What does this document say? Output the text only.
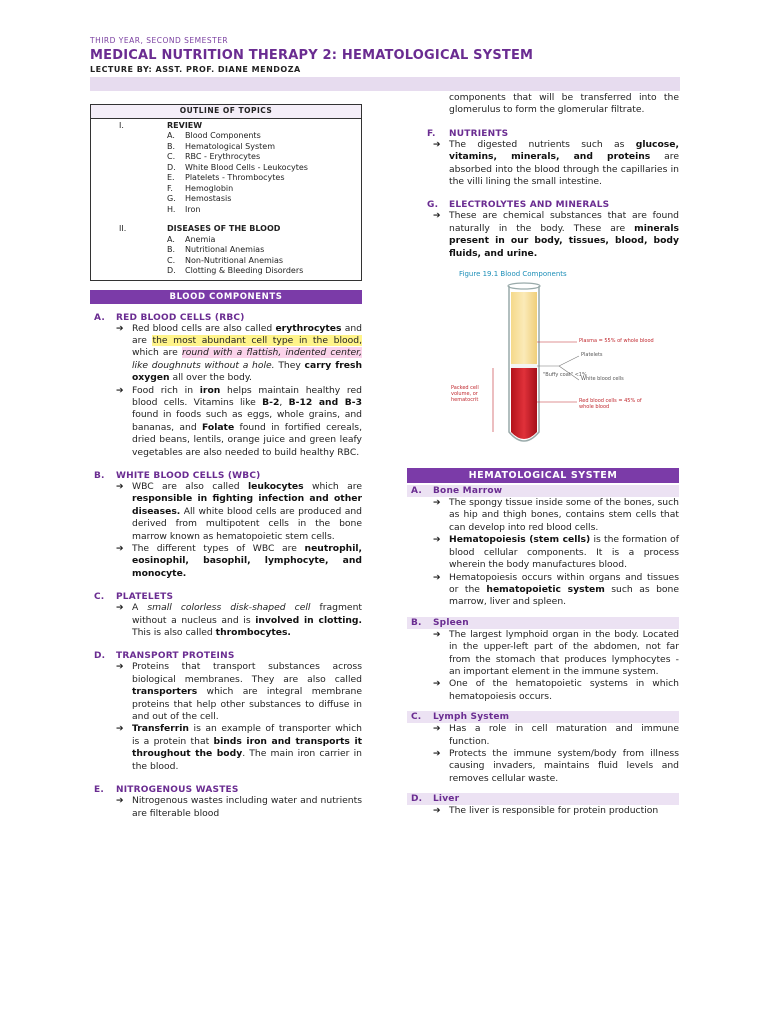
THIRD YEAR, SECOND SEMESTER
MEDICAL NUTRITION THERAPY 2: HEMATOLOGICAL SYSTEM
LECTURE BY: ASST. PROF. DIANE MENDOZA
OUTLINE OF TOPICS
I.	REVIEW
A.	Blood Components
B.	Hematological System
C.	RBC - Erythrocytes
D.	White Blood Cells - Leukocytes
E.	Platelets - Thrombocytes
F.	Hemoglobin
G.	Hemostasis
H.	Iron
II.	DISEASES OF THE BLOOD
A.	Anemia
B.	Nutritional Anemias
C.	Non-Nutritional Anemias
D.	Clotting & Bleeding Disorders
BLOOD COMPONENTS
A.	RED BLOOD CELLS (RBC)
➔ Red blood cells are also called erythrocytes and are the most abundant cell type in the blood, which are round with a flattish, indented center, like doughnuts without a hole. They carry fresh oxygen all over the body.
➔ Food rich in iron helps maintain healthy red blood cells. Vitamins like B-2, B-12 and B-3 found in foods such as eggs, whole grains, and bananas, and Folate found in fortified cereals, dried beans, lentils, orange juice and green leafy vegetables are also needed to build healthy RBC.
B.	WHITE BLOOD CELLS (WBC)
➔ WBC are also called leukocytes which are responsible in fighting infection and other diseases. All white blood cells are produced and derived from multipotent cells in the bone marrow known as hematopoietic stem cells.
➔ The different types of WBC are neutrophil, eosinophil, basophil, lymphocyte, and monocyte.
C.	PLATELETS
➔ A small colorless disk-shaped cell fragment without a nucleus and is involved in clotting. This is also called thrombocytes.
D.	TRANSPORT PROTEINS
➔ Proteins that transport substances across biological membranes. They are also called transporters which are integral membrane proteins that help other substances to diffuse in and out of the cell.
➔ Transferrin is an example of transporter which is a protein that binds iron and transports it throughout the body. The main iron carrier in the blood.
E.	NITROGENOUS WASTES
➔ Nitrogenous wastes including water and nutrients are filterable blood
components that will be transferred into the glomerulus to form the glomerular filtrate.
F.	NUTRIENTS
➔ The digested nutrients such as glucose, vitamins, minerals, and proteins are absorbed into the blood through the capillaries in the villi lining the small intestine.
G.	ELECTROLYTES AND MINERALS
➔ These are chemical substances that are found naturally in the body. These are minerals present in our body, tissues, blood, body fluids, and urine.
Figure 19.1 Blood Components
Plasma = 55% of whole blood
"Buffy coat" <1%
Platelets
White blood cells
Packed cell volume, or hematocrit	Red blood cells = 45% of whole blood
HEMATOLOGICAL SYSTEM
A.	Bone Marrow
➔ The spongy tissue inside some of the bones, such as hip and thigh bones, contains stem cells that can develop into red blood cells.
➔ Hematopoiesis (stem cells) is the formation of blood cellular components. It is a process wherein the body manufactures blood.
➔ Hematopoiesis occurs within organs and tissues or the hematopoietic system such as bone marrow, liver and spleen.
B.	Spleen
➔ The largest lymphoid organ in the body. Located in the upper-left part of the abdomen, not far from the stomach that produces lymphocytes - an important element in the immune system.
➔ One of the hematopoietic systems in which hematopoiesis occurs.
C.	Lymph System
➔ Has a role in cell maturation and immune function.
➔ Protects the immune system/body from illness causing invaders, maintains fluid levels and removes cellular waste.
D.	Liver
➔ The liver is responsible for protein production
